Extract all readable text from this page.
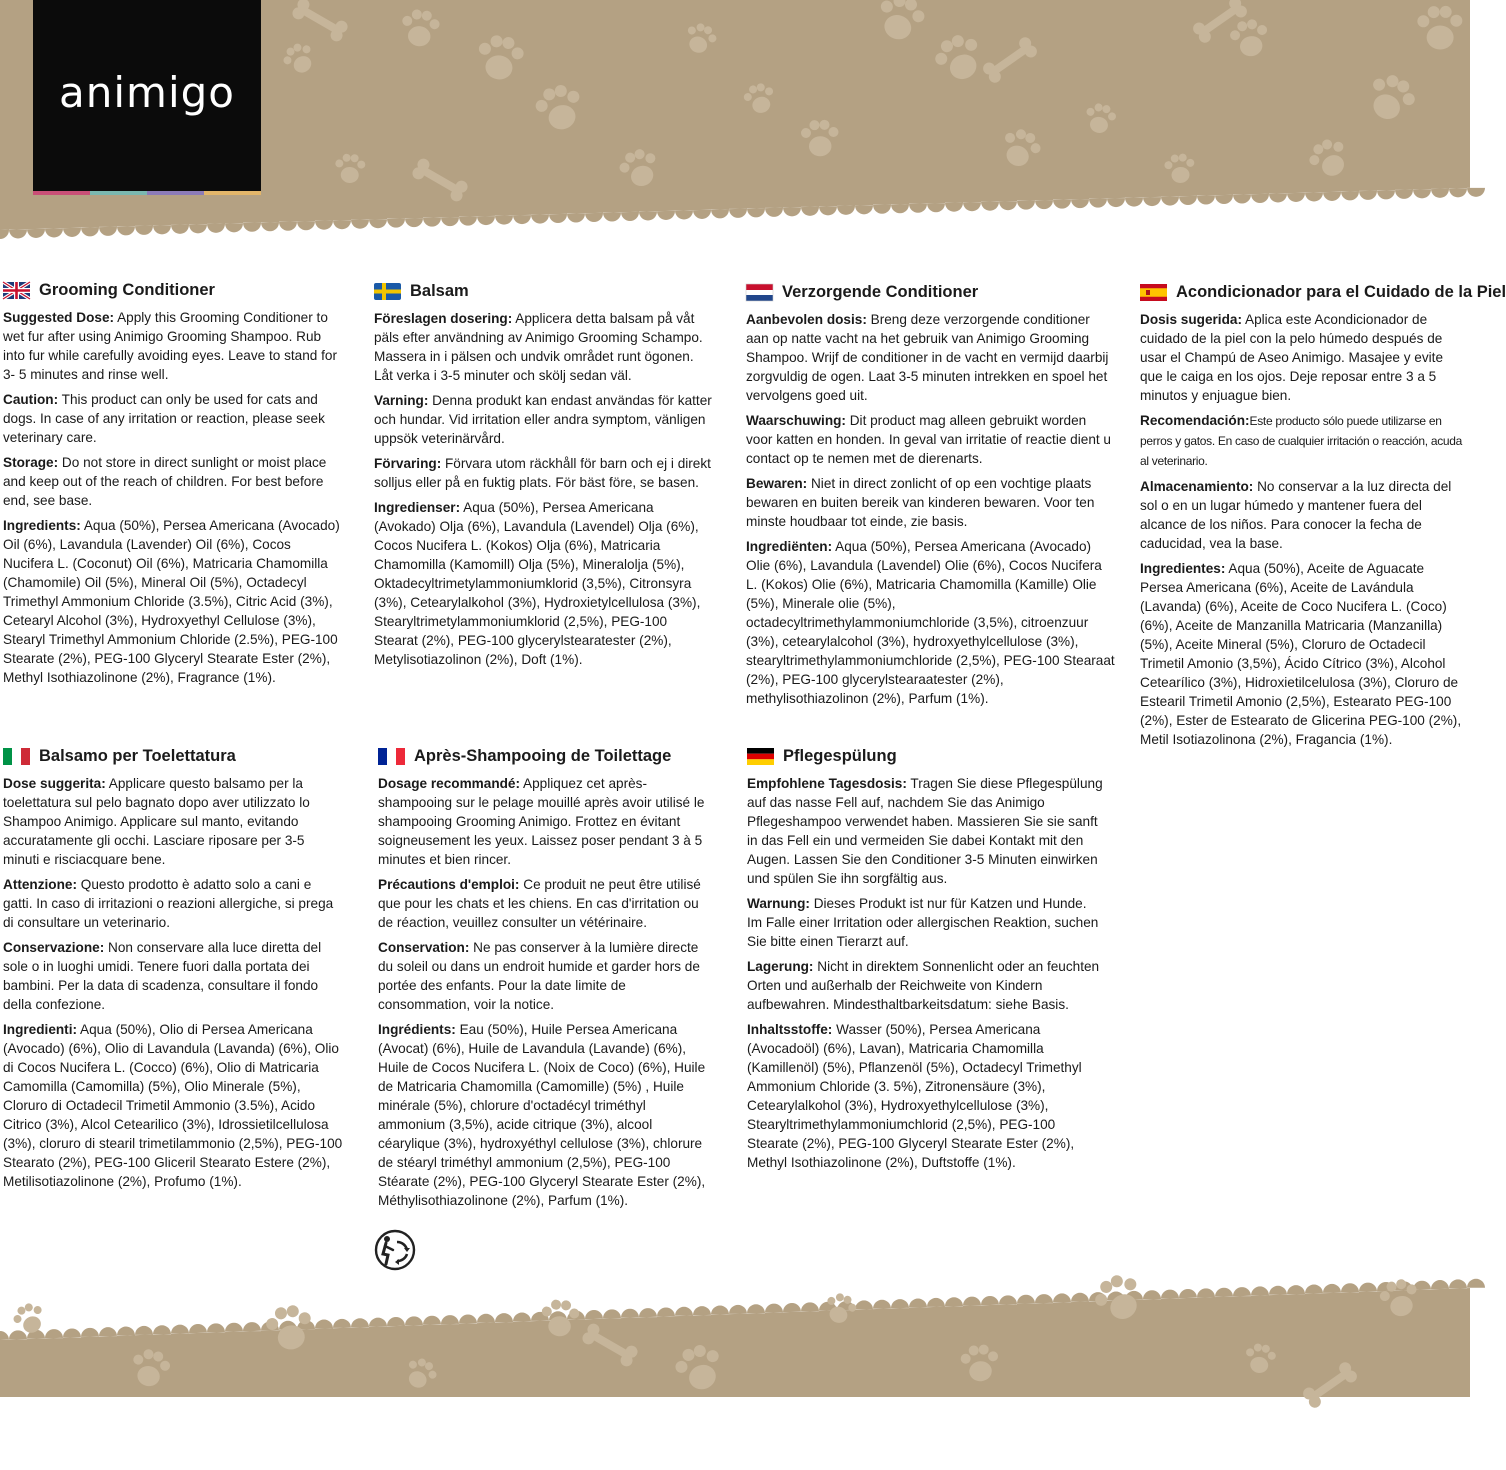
animigo
Grooming Conditioner

Suggested Dose: Apply this Grooming Conditioner to wet fur after using Animigo Grooming Shampoo. Rub into fur while carefully avoiding eyes. Leave to stand for 3- 5 minutes and rinse well.

Caution: This product can only be used for cats and dogs. In case of any irritation or reaction, please seek veterinary care.

Storage: Do not store in direct sunlight or moist place and keep out of the reach of children. For best before end, see base.

Ingredients: Aqua (50%), Persea Americana (Avocado) Oil (6%), Lavandula (Lavender) Oil (6%), Cocos Nucifera L. (Coconut) Oil (6%), Matricaria Chamomilla (Chamomile) Oil (5%), Mineral Oil (5%), Octadecyl Trimethyl Ammonium Chloride (3.5%), Citric Acid (3%), Cetearyl Alcohol (3%), Hydroxyethyl Cellulose (3%), Stearyl Trimethyl Ammonium Chloride (2.5%), PEG-100 Stearate (2%), PEG-100 Glyceryl Stearate Ester (2%), Methyl Isothiazolinone (2%), Fragrance (1%).

Balsam

Föreslagen dosering: Applicera detta balsam på våt päls efter användning av Animigo Grooming Schampo. Massera in i pälsen och undvik området runt ögonen. Låt verka i 3-5 minuter och skölj sedan väl.

Varning: Denna produkt kan endast användas för katter och hundar. Vid irritation eller andra symptom, vänligen uppsök veterinärvård.

Förvaring: Förvara utom räckhåll för barn och ej i direkt solljus eller på en fuktig plats. För bäst före, se basen.

Ingredienser: Aqua (50%), Persea Americana (Avokado) Olja (6%), Lavandula (Lavendel) Olja (6%), Cocos Nucifera L. (Kokos) Olja (6%), Matricaria Chamomilla (Kamomill) Olja (5%), Mineralolja (5%), Oktadecyltrimetylammoniumklorid (3,5%), Citronsyra (3%), Cetearylalkohol (3%), Hydroxietylcellulosa (3%), Stearyltrimetylammoniumklorid (2,5%), PEG-100 Stearat (2%), PEG-100 glycerylstearatester (2%), Metylisotiazolinon (2%), Doft (1%).

Verzorgende Conditioner

Aanbevolen dosis: Breng deze verzorgende conditioner aan op natte vacht na het gebruik van Animigo Grooming Shampoo. Wrijf de conditioner in de vacht en vermijd daarbij zorgvuldig de ogen. Laat 3-5 minuten intrekken en spoel het vervolgens goed uit.

Waarschuwing: Dit product mag alleen gebruikt worden voor katten en honden. In geval van irritatie of reactie dient u contact op te nemen met de dierenarts.

Bewaren: Niet in direct zonlicht of op een vochtige plaats bewaren en buiten bereik van kinderen bewaren. Voor ten minste houdbaar tot einde, zie basis.

Ingrediënten: Aqua (50%), Persea Americana (Avocado) Olie (6%), Lavandula (Lavendel) Olie (6%), Cocos Nucifera L. (Kokos) Olie (6%), Matricaria Chamomilla (Kamille) Olie (5%), Minerale olie (5%), octadecyltrimethylammoniumchloride (3,5%), citroenzuur (3%), cetearylalcohol (3%), hydroxyethylcellulose (3%), stearyltrimethylammoniumchloride (2,5%), PEG-100 Stearaat (2%), PEG-100 glycerylstearaatester (2%), methylisothiazolinon (2%), Parfum (1%).

Acondicionador para el Cuidado de la Piel

Dosis sugerida: Aplica este Acondicionador de cuidado de la piel con la pelo húmedo después de usar el Champú de Aseo Animigo. Masajee y evite que le caiga en los ojos. Deje reposar entre 3 a 5 minutos y enjuague bien.

Recomendación:Este producto sólo puede utilizarse en perros y gatos. En caso de cualquier irritación o reacción, acuda al veterinario.

Almacenamiento: No conservar a la luz directa del sol o en un lugar húmedo y mantener fuera del alcance de los niños. Para conocer la fecha de caducidad, vea la base.

Ingredientes: Aqua (50%), Aceite de Aguacate Persea Americana (6%), Aceite de Lavándula (Lavanda) (6%), Aceite de Coco Nucifera L. (Coco) (6%), Aceite de Manzanilla Matricaria (Manzanilla) (5%), Aceite Mineral (5%), Cloruro de Octadecil Trimetil Amonio (3,5%), Ácido Cítrico (3%), Alcohol Cetearílico (3%), Hidroxietilcelulosa (3%), Cloruro de Estearil Trimetil Amonio (2,5%), Estearato PEG-100 (2%), Ester de Estearato de Glicerina PEG-100 (2%), Metil Isotiazolinona (2%), Fragancia (1%).

Balsamo per Toelettatura

Dose suggerita: Applicare questo balsamo per la toelettatura sul pelo bagnato dopo aver utilizzato lo Shampoo Animigo. Applicare sul manto, evitando accuratamente gli occhi. Lasciare riposare per 3-5 minuti e risciacquare bene.

Attenzione: Questo prodotto è adatto solo a cani e gatti. In caso di irritazioni o reazioni allergiche, si prega di consultare un veterinario.

Conservazione: Non conservare alla luce diretta del sole o in luoghi umidi. Tenere fuori dalla portata dei bambini. Per la data di scadenza, consultare il fondo della confezione.

Ingredienti: Aqua (50%), Olio di Persea Americana (Avocado) (6%), Olio di Lavandula (Lavanda) (6%), Olio di Cocos Nucifera L. (Cocco) (6%), Olio di Matricaria Camomilla (Camomilla) (5%), Olio Minerale (5%), Cloruro di Octadecil Trimetil Ammonio (3.5%), Acido Citrico (3%), Alcol Cetearilico (3%), Idrossietilcellulosa (3%), cloruro di stearil trimetilammonio (2,5%), PEG-100 Stearato (2%), PEG-100 Gliceril Stearato Estere (2%), Metilisotiazolinone (2%), Profumo (1%).

Après-Shampooing de Toilettage

Dosage recommandé: Appliquez cet après-shampooing sur le pelage mouillé après avoir utilisé le shampooing Grooming Animigo. Frottez en évitant soigneusement les yeux. Laissez poser pendant 3 à 5 minutes et bien rincer.

Précautions d'emploi: Ce produit ne peut être utilisé que pour les chats et les chiens. En cas d'irritation ou de réaction, veuillez consulter un vétérinaire.

Conservation: Ne pas conserver à la lumière directe du soleil ou dans un endroit humide et garder hors de portée des enfants. Pour la date limite de consommation, voir la notice.

Ingrédients: Eau (50%), Huile Persea Americana (Avocat) (6%), Huile de Lavandula (Lavande) (6%), Huile de Cocos Nucifera L. (Noix de Coco) (6%), Huile de Matricaria Chamomilla (Camomille) (5%) , Huile minérale (5%), chlorure d'octadécyl triméthyl ammonium (3,5%), acide citrique (3%), alcool céarylique (3%), hydroxyéthyl cellulose (3%), chlorure de stéaryl triméthyl ammonium (2,5%), PEG-100 Stéarate (2%), PEG-100 Glyceryl Stearate Ester (2%), Méthylisothiazolinone (2%), Parfum (1%).

Pflegespülung

Empfohlene Tagesdosis: Tragen Sie diese Pflegespülung auf das nasse Fell auf, nachdem Sie das Animigo Pflegeshampoo verwendet haben. Massieren Sie sie sanft in das Fell ein und vermeiden Sie dabei Kontakt mit den Augen. Lassen Sie den Conditioner 3-5 Minuten einwirken und spülen Sie ihn sorgfältig aus.

Warnung: Dieses Produkt ist nur für Katzen und Hunde. Im Falle einer Irritation oder allergischen Reaktion, suchen Sie bitte einen Tierarzt auf.

Lagerung: Nicht in direktem Sonnenlicht oder an feuchten Orten und außerhalb der Reichweite von Kindern aufbewahren. Mindesthaltbarkeitsdatum: siehe Basis.

Inhaltsstoffe: Wasser (50%), Persea Americana (Avocadoöl) (6%), Lavan), Matricaria Chamomilla (Kamillenöl) (5%), Pflanzenöl (5%), Octadecyl Trimethyl Ammonium Chloride (3. 5%), Zitronensäure (3%), Cetearylalkohol (3%), Hydroxyethylcellulose (3%), Stearyltrimethylammoniumchlorid (2,5%), PEG-100 Stearate (2%), PEG-100 Glyceryl Stearate Ester (2%), Methyl Isothiazolinone (2%), Duftstoffe (1%).
